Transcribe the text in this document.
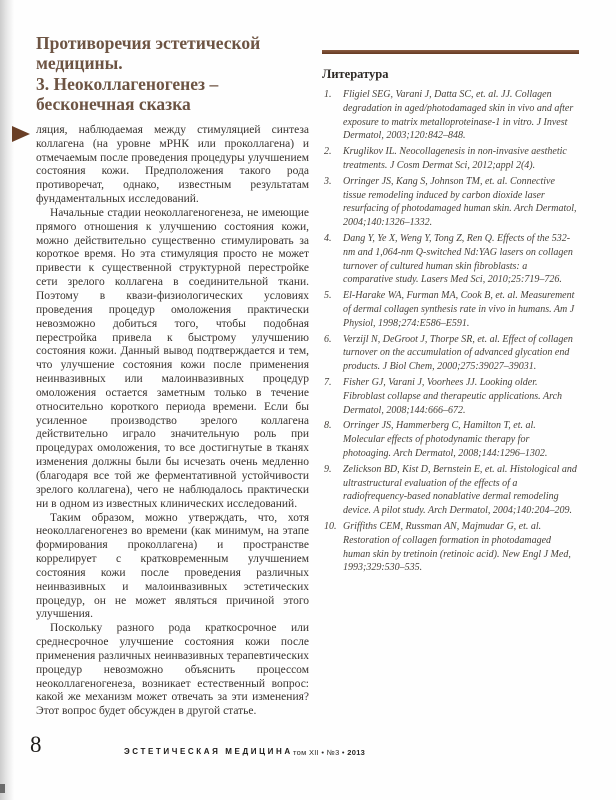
Противоречия эстетической медицины.
3. Неоколлагеногенез – бесконечная сказка

ляция, наблюдаемая между стимуляцией синтеза коллагена (на уровне мРНК или проколлагена) и отмечаемым после проведения процедуры улучшением состояния кожи. Предположения такого рода противоречат, однако, известным результатам фундаментальных исследований.

Начальные стадии неоколлагеногенеза, не имеющие прямого отношения к улучшению состояния кожи, можно действительно существенно стимулировать за короткое время. Но эта стимуляция просто не может привести к существенной структурной перестройке сети зрелого коллагена в соединительной ткани. Поэтому в квази-физиологических условиях проведения процедур омоложения практически невозможно добиться того, чтобы подобная перестройка привела к быстрому улучшению состояния кожи. Данный вывод подтверждается и тем, что улучшение состояния кожи после применения неинвазивных или малоинвазивных процедур омоложения остается заметным только в течение относительно короткого периода времени. Если бы усиленное производство зрелого коллагена действительно играло значительную роль при процедурах омоложения, то все достигнутые в тканях изменения должны были бы исчезать очень медленно (благодаря все той же ферментативной устойчивости зрелого коллагена), чего не наблюдалось практически ни в одном из известных клинических исследований.

Таким образом, можно утверждать, что, хотя неоколлагеногенез во времени (как минимум, на этапе формирования проколлагена) и пространстве коррелирует с кратковременным улучшением состояния кожи после проведения различных неинвазивных и малоинвазивных эстетических процедур, он не может являться причиной этого улучшения.

Поскольку разного рода краткосрочное или среднесрочное улучшение состояния кожи после применения различных неинвазивных терапевтических процедур невозможно объяснить процессом неоколлагеногенеза, возникает естественный вопрос: какой же механизм может отвечать за эти изменения? Этот вопрос будет обсужден в другой статье.

Литература
1. Fligiel SEG, Varani J, Datta SC, et. al. JJ. Collagen degradation in aged/photodamaged skin in vivo and after exposure to matrix metalloproteinase-1 in vitro. J Invest Dermatol, 2003;120:842–848.
2. Kruglikov IL. Neocollagenesis in non-invasive aesthetic treatments. J Cosm Dermat Sci, 2012;appl 2(4).
3. Orringer JS, Kang S, Johnson TM, et. al. Connective tissue remodeling induced by carbon dioxide laser resurfacing of photodamaged human skin. Arch Dermatol, 2004;140:1326–1332.
4. Dang Y, Ye X, Weng Y, Tong Z, Ren Q. Effects of the 532-nm and 1,064-nm Q-switched Nd:YAG lasers on collagen turnover of cultured human skin fibroblasts: a comparative study. Lasers Med Sci, 2010;25:719–726.
5. El-Harake WA, Furman MA, Cook B, et. al. Measurement of dermal collagen synthesis rate in vivo in humans. Am J Physiol, 1998;274:E586–E591.
6. Verzijl N, DeGroot J, Thorpe SR, et. al. Effect of collagen turnover on the accumulation of advanced glycation end products. J Biol Chem, 2000;275:39027–39031.
7. Fisher GJ, Varani J, Voorhees JJ. Looking older. Fibroblast collapse and therapeutic applications. Arch Dermatol, 2008;144:666–672.
8. Orringer JS, Hammerberg C, Hamilton T, et. al. Molecular effects of photodynamic therapy for photoaging. Arch Dermatol, 2008;144:1296–1302.
9. Zelickson BD, Kist D, Bernstein E, et. al. Histological and ultrastructural evaluation of the effects of a radiofrequency-based nonablative dermal remodeling device. A pilot study. Arch Dermatol, 2004;140:204–209.
10. Griffiths CEM, Russman AN, Majmudar G, et. al. Restoration of collagen formation in photodamaged human skin by tretinoin (retinoic acid). New Engl J Med, 1993;329:530–535.
8	ЭСТЕТИЧЕСКАЯ МЕДИЦИНА том XII • №3 • 2013
